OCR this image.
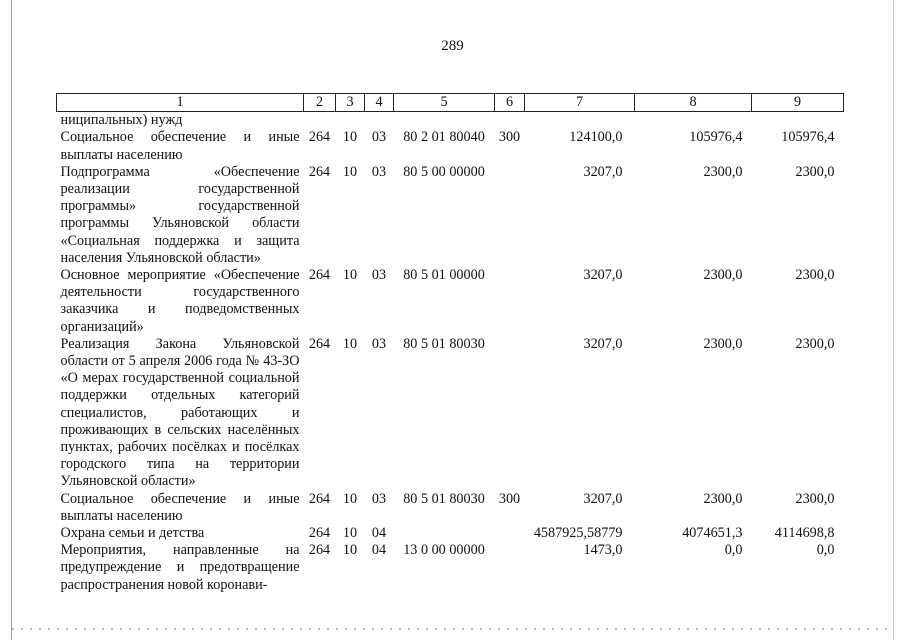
289
1	2	3	4	5	6	7	8	9
ниципальных) нужд								
Социальное обеспечение и иные выплаты населению	264	10	03	80 2 01 80040	300	124100,0	105976,4	105976,4
Подпрограмма «Обеспечение реализации государственной программы» государственной программы Ульяновской области «Социальная поддержка и защита населения Ульяновской области»	264	10	03	80 5 00 00000		3207,0	2300,0	2300,0
Основное мероприятие «Обеспечение деятельности государственного заказчика и подведомственных организаций»	264	10	03	80 5 01 00000		3207,0	2300,0	2300,0
Реализация Закона Ульяновской области от 5 апреля 2006 года № 43-ЗО «О мерах государственной социальной поддержки отдельных категорий специалистов, работающих и проживающих в сельских населённых пунктах, рабочих посёлках и посёлках городского типа на территории Ульяновской области»	264	10	03	80 5 01 80030		3207,0	2300,0	2300,0
Социальное обеспечение и иные выплаты населению	264	10	03	80 5 01 80030	300	3207,0	2300,0	2300,0
Охрана семьи и детства	264	10	04			4587925,58779	4074651,3	4114698,8
Мероприятия, направленные на предупреждение и предотвращение распространения новой коронави-	264	10	04	13 0 00 00000		1473,0	0,0	0,0
